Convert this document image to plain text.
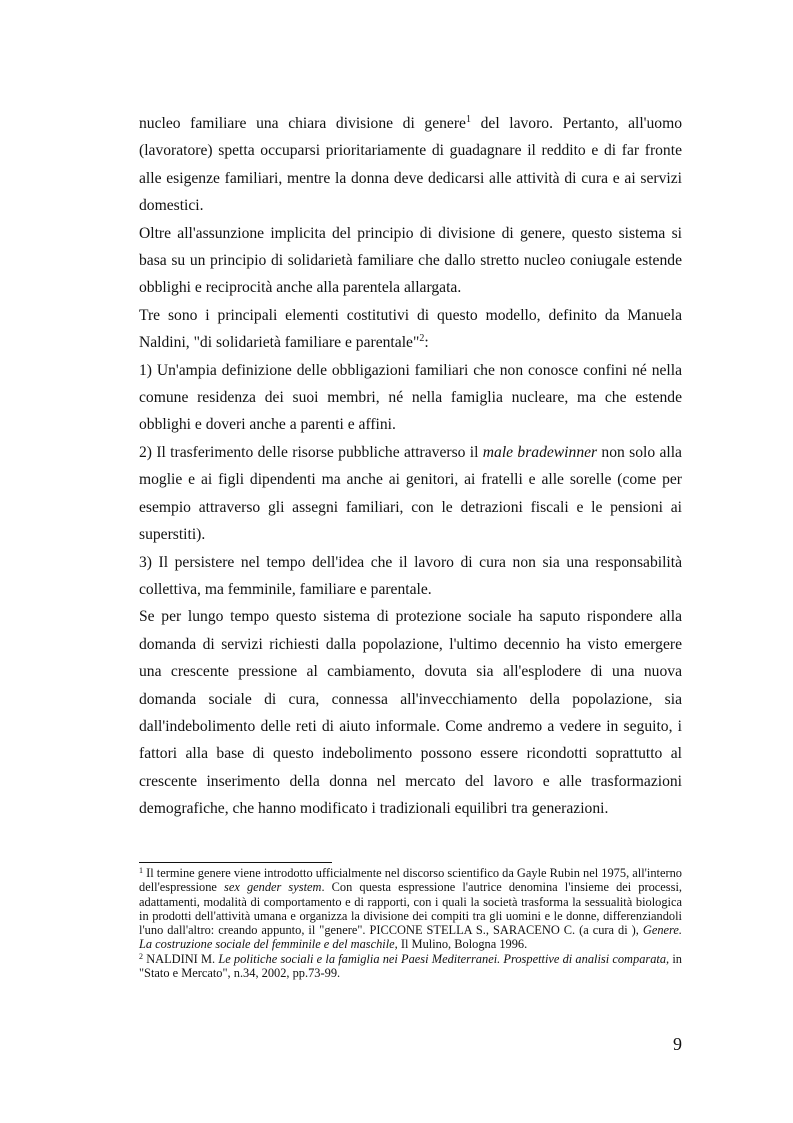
nucleo familiare una chiara divisione di genere$^1$ del lavoro. Pertanto, all'uomo (lavoratore) spetta occuparsi prioritariamente di guadagnare il reddito e di far fronte alle esigenze familiari, mentre la donna deve dedicarsi alle attività di cura e ai servizi domestici.

Oltre all'assunzione implicita del principio di divisione di genere, questo sistema si basa su un principio di solidarietà familiare che dallo stretto nucleo coniugale estende obblighi e reciprocità anche alla parentela allargata.

Tre sono i principali elementi costitutivi di questo modello, definito da Manuela Naldini, "di solidarietà familiare e parentale"$^2$:

1) Un'ampia definizione delle obbligazioni familiari che non conosce confini né nella comune residenza dei suoi membri, né nella famiglia nucleare, ma che estende obblighi e doveri anche a parenti e affini.

2) Il trasferimento delle risorse pubbliche attraverso il male bradewinner non solo alla moglie e ai figli dipendenti ma anche ai genitori, ai fratelli e alle sorelle (come per esempio attraverso gli assegni familiari, con le detrazioni fiscali e le pensioni ai superstiti).

3) Il persistere nel tempo dell'idea che il lavoro di cura non sia una responsabilità collettiva, ma femminile, familiare e parentale.

Se per lungo tempo questo sistema di protezione sociale ha saputo rispondere alla domanda di servizi richiesti dalla popolazione, l'ultimo decennio ha visto emergere una crescente pressione al cambiamento, dovuta sia all'esplodere di una nuova domanda sociale di cura, connessa all'invecchiamento della popolazione, sia dall'indebolimento delle reti di aiuto informale. Come andremo a vedere in seguito, i fattori alla base di questo indebolimento possono essere ricondotti soprattutto al crescente inserimento della donna nel mercato del lavoro e alle trasformazioni demografiche, che hanno modificato i tradizionali equilibri tra generazioni.

$^1$ Il termine genere viene introdotto ufficialmente nel discorso scientifico da Gayle Rubin nel 1975, all'interno dell'espressione sex gender system. Con questa espressione l'autrice denomina l'insieme dei processi, adattamenti, modalità di comportamento e di rapporti, con i quali la società trasforma la sessualità biologica in prodotti dell'attività umana e organizza la divisione dei compiti tra gli uomini e le donne, differenziandoli l'uno dall'altro: creando appunto, il "genere". PICCONE STELLA S., SARACENO C. (a cura di ), Genere. La costruzione sociale del femminile e del maschile, Il Mulino, Bologna 1996.

$^2$ NALDINI M. Le politiche sociali e la famiglia nei Paesi Mediterranei. Prospettive di analisi comparata, in "Stato e Mercato", n.34, 2002, pp.73-99.

9
